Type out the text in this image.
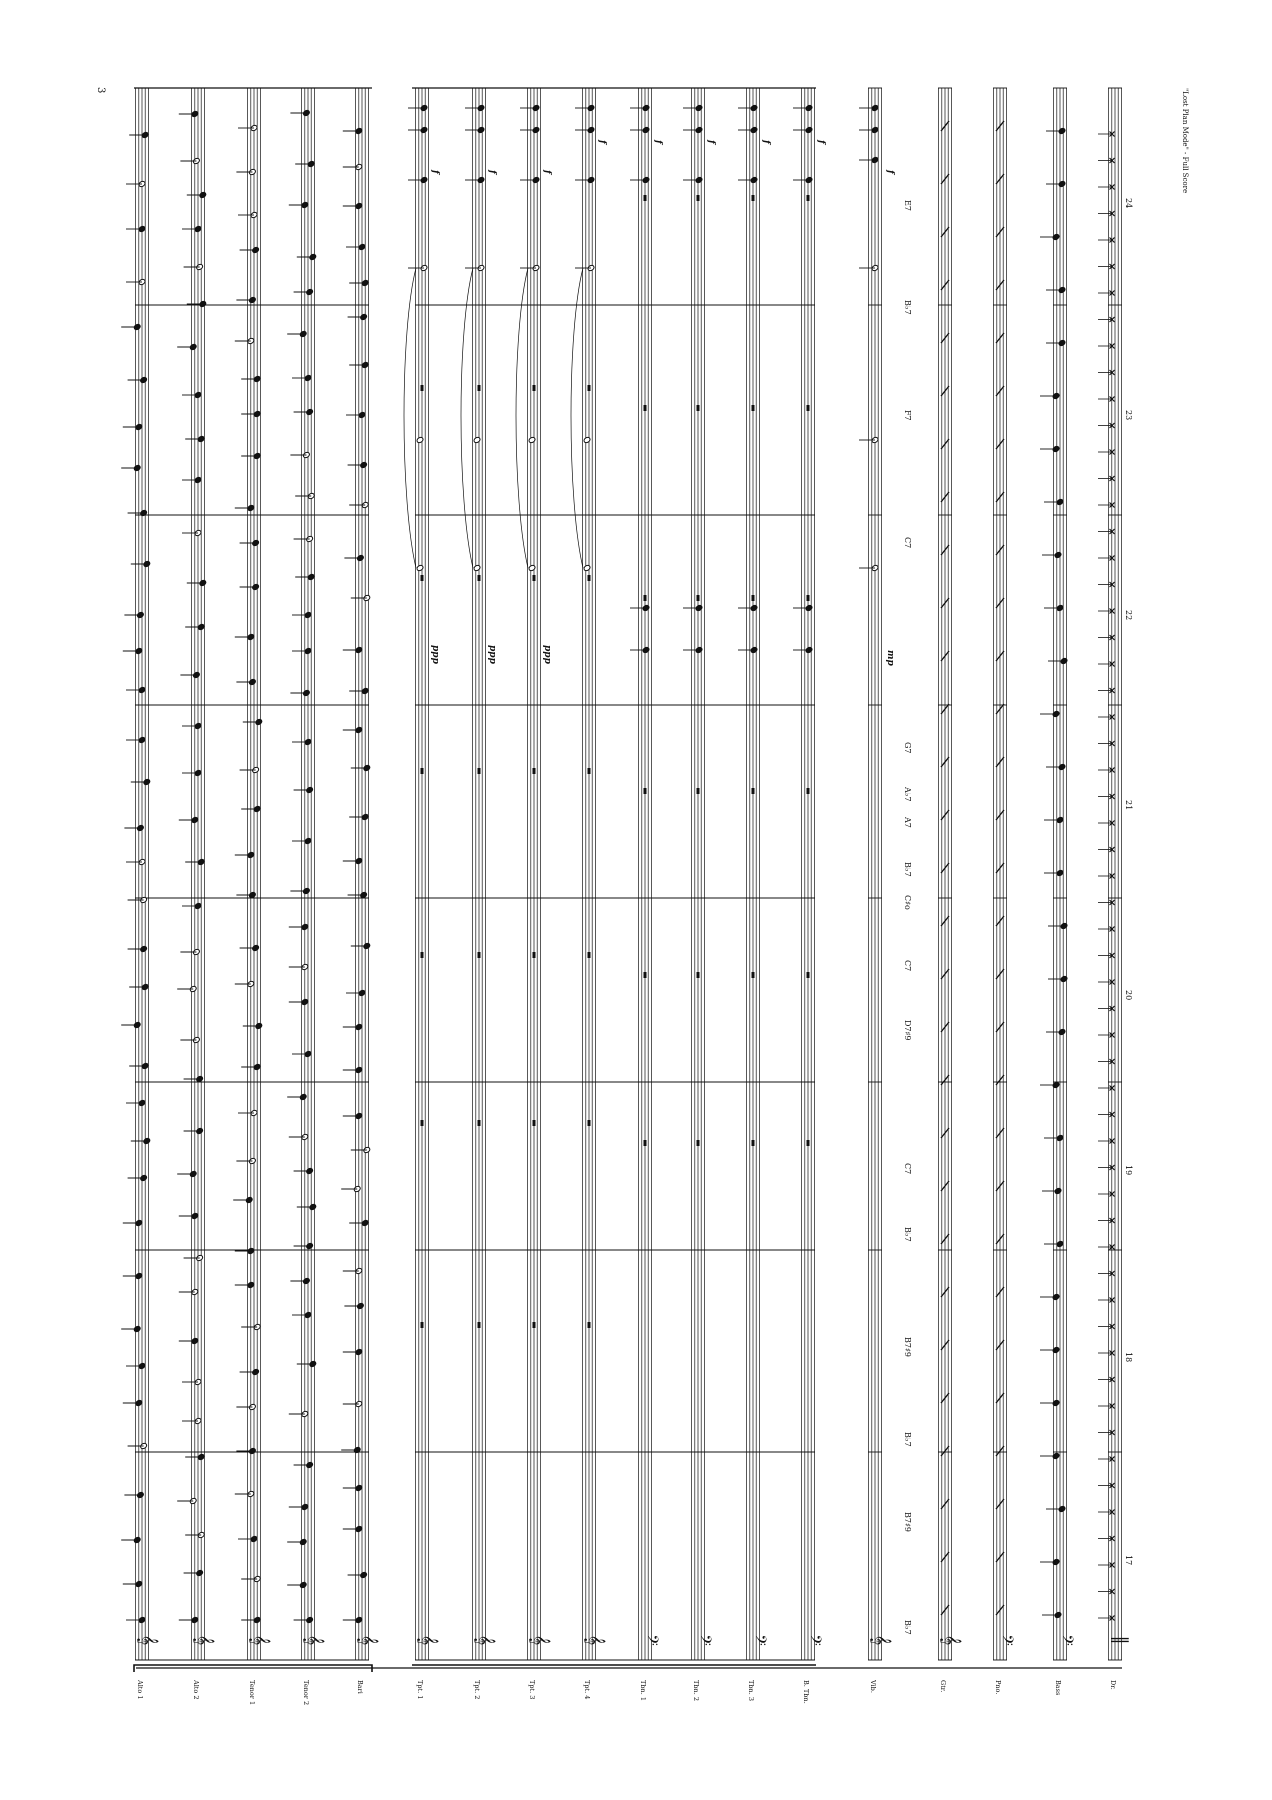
𝄞 𝄞 𝄞 𝄞 𝄞 𝄞 𝄞 𝄞 𝄞 𝄢 𝄢 𝄢 𝄢	𝄞	𝄞 𝄢 𝄢 ‖
Alto 1	Alto 2	Tenor 1	Tenor 2	Bari	Tpt. 1	Tpt. 2	Tpt. 3	Tpt. 4	Tbn. 1	Tbn. 2	Tbn. 3	B. Tbn.	Vib.	Gtr.	Pno.	Bass	Dr.
17
18
19
20
21
22
23
24
B♭7
B7♯9
B♭7
B7♯9
B♭7
C7
D7♯9
C7
C♯o
B♭7
A7
A♭7
G7
C7
F7
B♭7
E7
ppp	ppp	ppp
f	f	f
f	f	f	f	f
mp
f
3	"Lost Plan Mode" - Full Score
